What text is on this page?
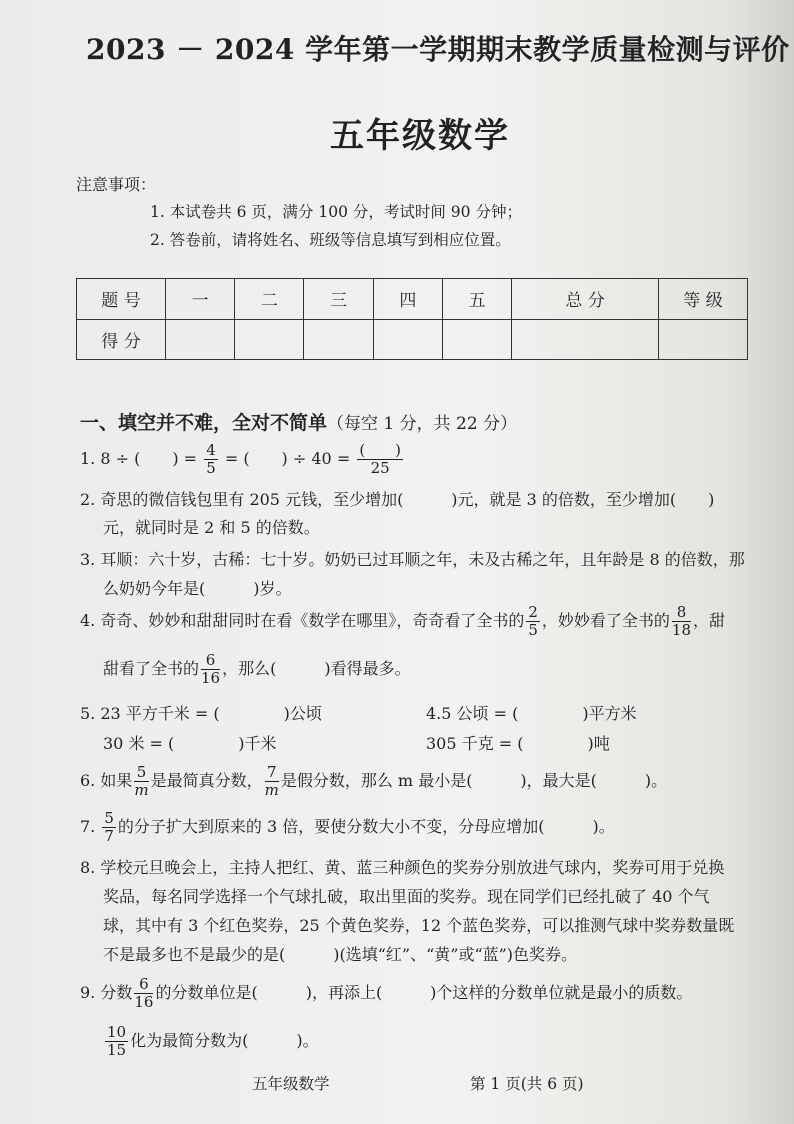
2023 － 2024 学年第一学期期末教学质量检测与评价
五年级数学
注意事项：
1. 本试卷共 6 页，满分 100 分，考试时间 90 分钟；
2. 答卷前，请将姓名、班级等信息填写到相应位置。
题 号	一	二	三	四	五	总 分	等 级
得 分							
一、填空并不难，全对不简单（每空 1 分，共 22 分）
1. 8 ÷ (　　) = $\frac{4}{5}$ = (　　) ÷ $40 = \frac{( )}{25}$
2. 奇思的微信钱包里有 205 元钱，至少增加(　　　)元，就是 3 的倍数，至少增加(　　)
元，就同时是 2 和 5 的倍数。
3. 耳顺：六十岁，古稀：七十岁。奶奶已过耳顺之年，未及古稀之年，且年龄是 8 的倍数，那
么奶奶今年是(　　　)岁。
4. 奇奇、妙妙和甜甜同时在看《数学在哪里》，奇奇看了全书的 $\frac{2}{5}$ ，妙妙看了全书的 $\frac{8}{18}$ ，甜
甜看了全书的 $\frac{6}{16}$ ，那么(　　　)看得最多。
5. 23 平方千米 = (　　　　)公顷	4.5 公顷 = (　　　　)平方米
30 米 = (　　　　)千米	305 千克 = (　　　　)吨
6. 如果 $\frac{5}{m}$ 是最简真分数， $\frac{7}{m}$ 是假分数，那么 m 最小是(　　　)，最大是(　　　)。
7. $\frac{5}{7}$ 的分子扩大到原来的 3 倍，要使分数大小不变，分母应增加(　　　)。
8. 学校元旦晚会上，主持人把红、黄、蓝三种颜色的奖券分别放进气球内，奖券可用于兑换
奖品，每名同学选择一个气球扎破，取出里面的奖券。现在同学们已经扎破了 40 个气
球，其中有 3 个红色奖券，25 个黄色奖券，12 个蓝色奖券，可以推测气球中奖券数量既
不是最多也不是最少的是(　　　)(选填“红”、“黄”或“蓝”)色奖券。
9. 分数 $\frac{6}{16}$ 的分数单位是(　　　)，再添上(　　　)个这样的分数单位就是最小的质数。
$\frac{10}{15}$ 化为最简分数为(　　　)。
五年级数学	第 1 页(共 6 页)
